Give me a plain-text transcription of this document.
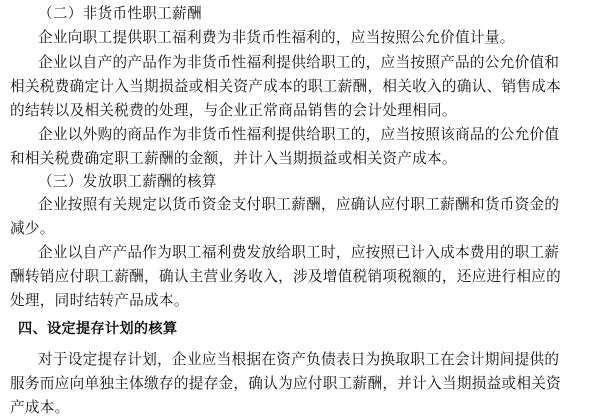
（二）非货币性职工薪酬
企业向职工提供职工福利费为非货币性福利的，应当按照公允价值计量。
企业以自产的产品作为非货币性福利提供给职工的，应当按照产品的公允价值和
相关税费确定计入当期损益或相关资产成本的职工薪酬，相关收入的确认、销售成本
的结转以及相关税费的处理，与企业正常商品销售的会计处理相同。
企业以外购的商品作为非货币性福利提供给职工的，应当按照该商品的公允价值
和相关税费确定职工薪酬的金额，并计入当期损益或相关资产成本。
（三）发放职工薪酬的核算
企业按照有关规定以货币资金支付职工薪酬，应确认应付职工薪酬和货币资金的
减少。
企业以自产产品作为职工福利费发放给职工时，应按照已计入成本费用的职工薪
酬转销应付职工薪酬，确认主营业务收入，涉及增值税销项税额的，还应进行相应的
处理，同时结转产品成本。
四、设定提存计划的核算
对于设定提存计划，企业应当根据在资产负债表日为换取职工在会计期间提供的
服务而应向单独主体缴存的提存金，确认为应付职工薪酬，并计入当期损益或相关资
产成本。
